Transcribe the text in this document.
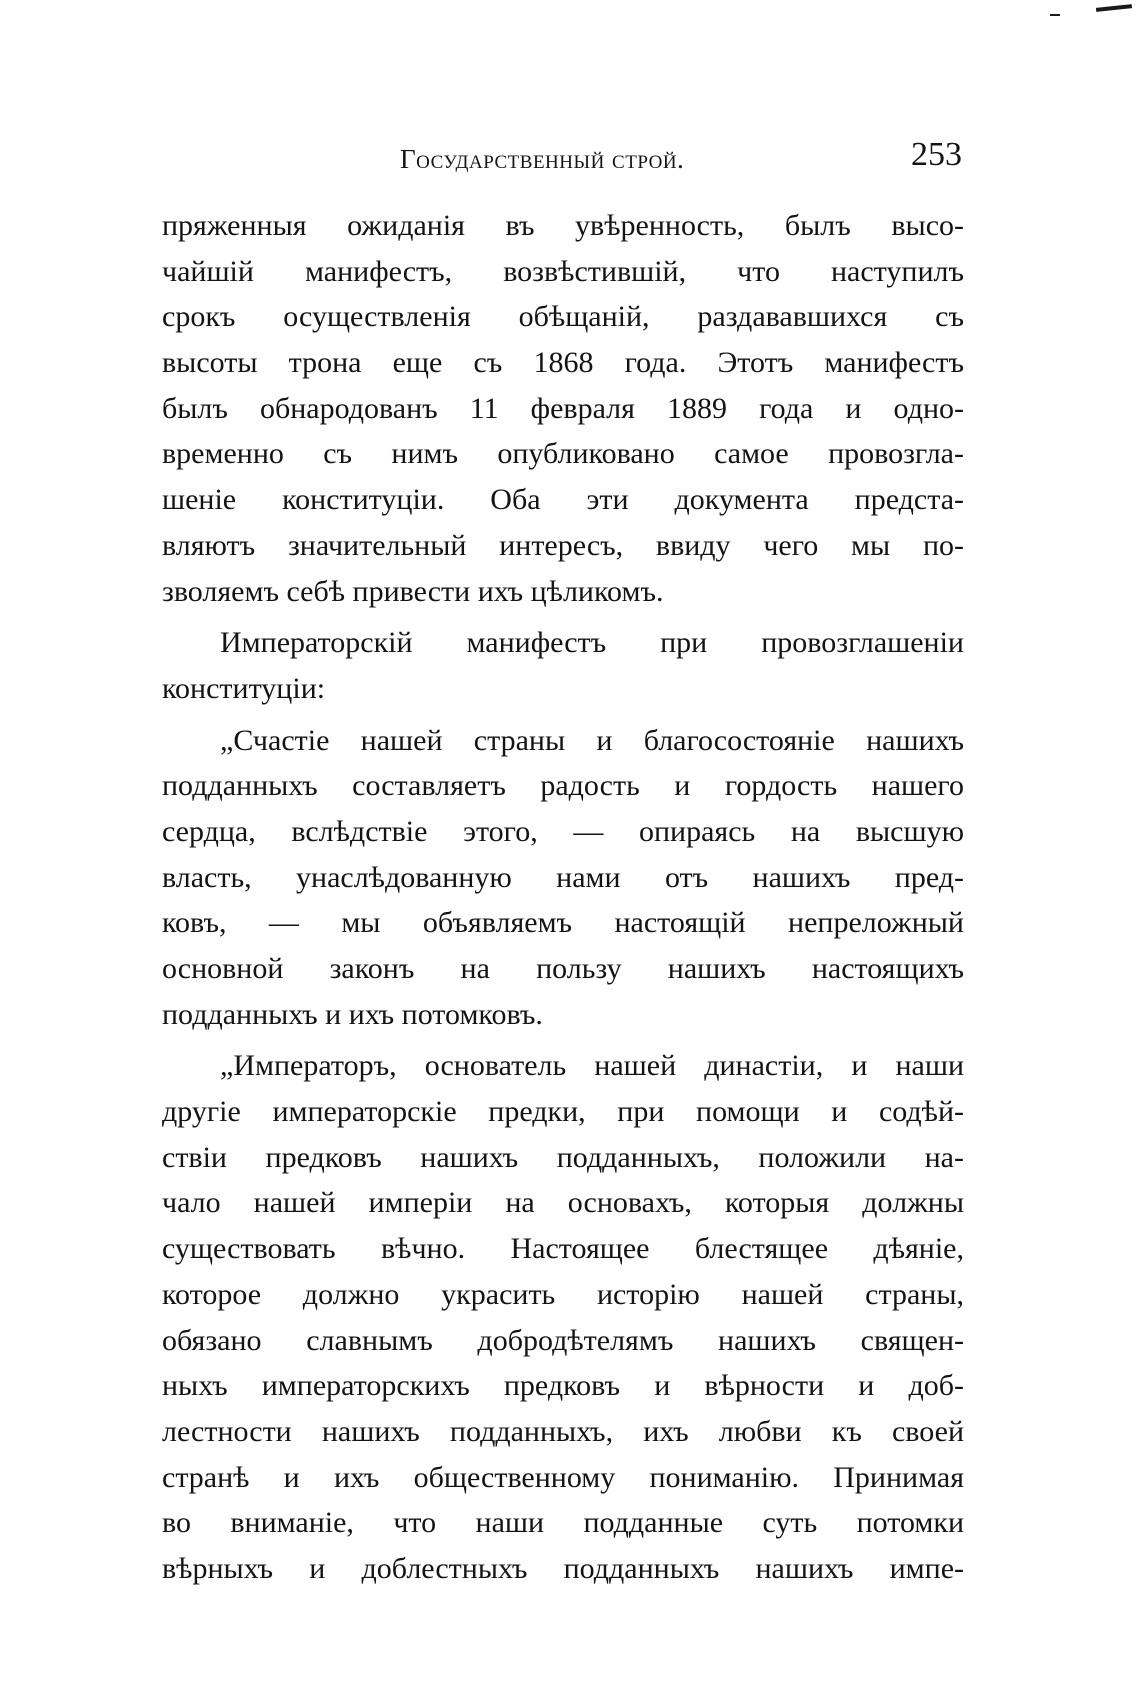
Государственный строй.	253
пряженныя ожиданія въ увѣренность, былъ высо-
чайшій манифестъ, возвѣстившій, что наступилъ
срокъ осуществленія обѣщаній, раздававшихся съ
высоты трона еще съ 1868 года. Этотъ манифестъ
былъ обнародованъ 11 февраля 1889 года и одно-
временно съ нимъ опубликовано самое провозгла-
шеніе конституціи. Оба эти документа предста-
вляютъ значительный интересъ, ввиду чего мы по-
зволяемъ себѣ привести ихъ цѣликомъ.
Императорскій манифестъ при провозглашеніи
конституціи:
„Счастіе нашей страны и благосостояніе нашихъ
подданныхъ составляетъ радость и гордость нашего
сердца, вслѣдствіе этого, — опираясь на высшую
власть, унаслѣдованную нами отъ нашихъ пред-
ковъ, — мы объявляемъ настоящій непреложный
основной законъ на пользу нашихъ настоящихъ
подданныхъ и ихъ потомковъ.
„Императоръ, основатель нашей династіи, и наши
другіе императорскіе предки, при помощи и содѣй-
ствіи предковъ нашихъ подданныхъ, положили на-
чало нашей имперіи на основахъ, которыя должны
существовать вѣчно. Настоящее блестящее дѣяніе,
которое должно украсить исторію нашей страны,
обязано славнымъ добродѣтелямъ нашихъ священ-
ныхъ императорскихъ предковъ и вѣрности и доб-
лестности нашихъ подданныхъ, ихъ любви къ своей
странѣ и ихъ общественному пониманію. Принимая
во вниманіе, что наши подданные суть потомки
вѣрныхъ и доблестныхъ подданныхъ нашихъ импе-
